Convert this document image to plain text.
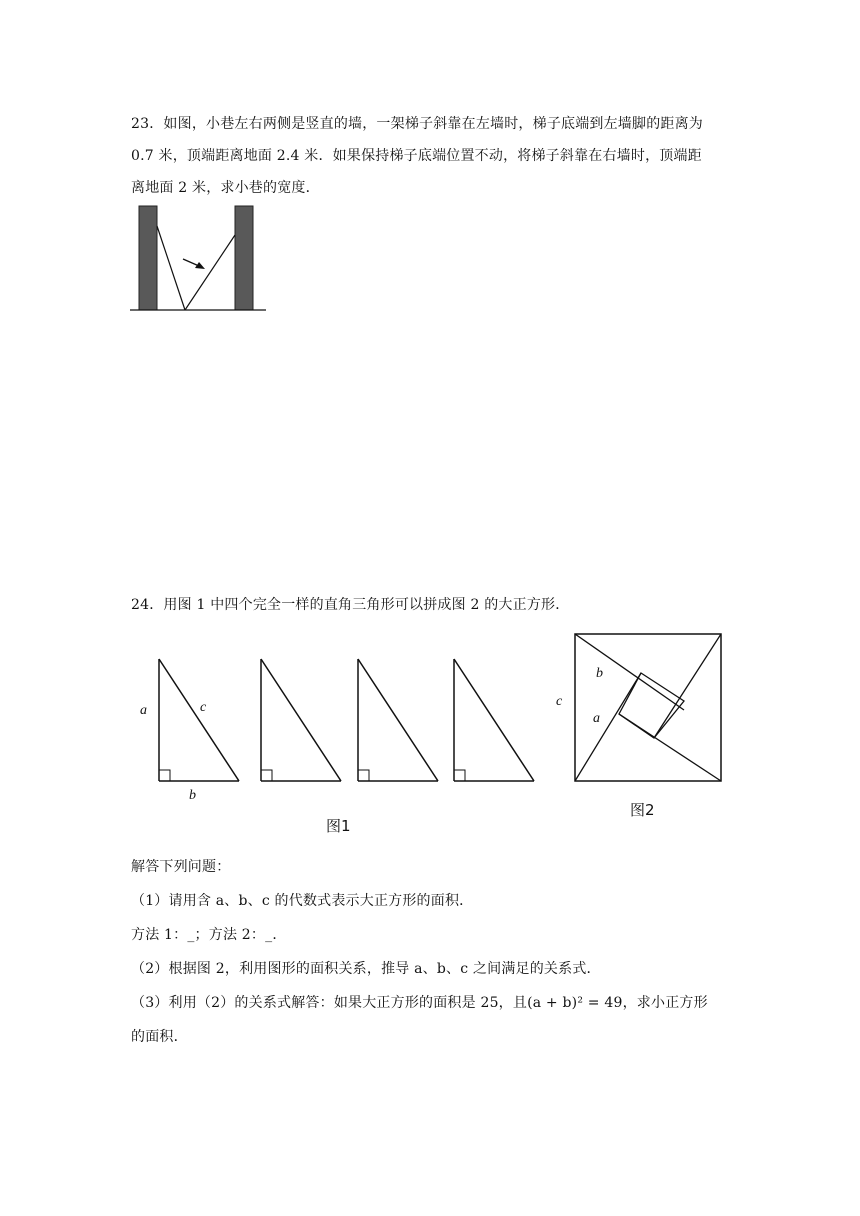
23．如图，小巷左右两侧是竖直的墙，一架梯子斜靠在左墙时，梯子底端到左墙脚的距离为
0.7 米，顶端距离地面 2.4 米．如果保持梯子底端位置不动，将梯子斜靠在右墙时，顶端距
离地面 2 米，求小巷的宽度．
24．用图 1 中四个完全一样的直角三角形可以拼成图 2 的大正方形．
a	c
b
图1
c
b
a
图2
解答下列问题：
（1）请用含 a、b、c 的代数式表示大正方形的面积．
方法 1：_；方法 2：_．
（2）根据图 2，利用图形的面积关系，推导 a、b、c 之间满足的关系式．
（3）利用（2）的关系式解答：如果大正方形的面积是 25，且(a + b)² = 49，求小正方形
的面积．
